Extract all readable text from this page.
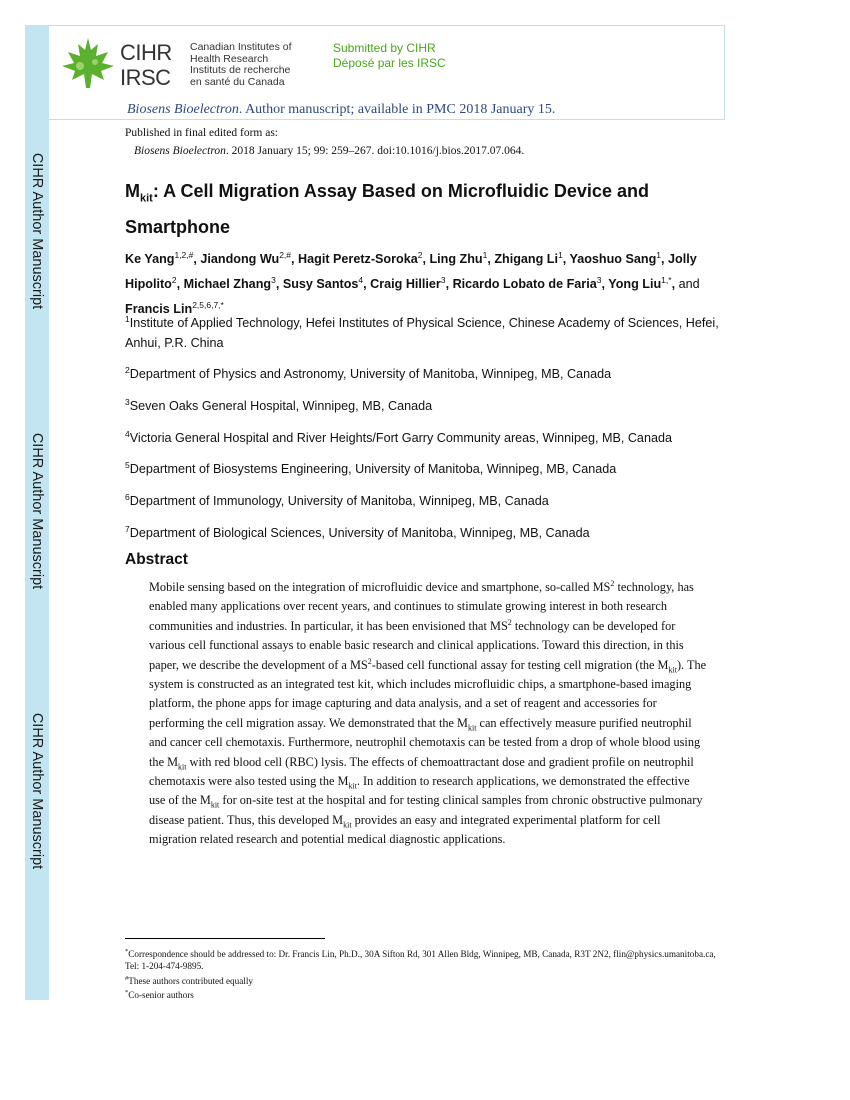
CIHR Author Manuscript
CIHR Author Manuscript
CIHR Author Manuscript
CIHR
IRSC
Canadian Institutes of
Health Research
Instituts de recherche
en santé du Canada
Submitted by CIHR
Déposé par les IRSC
Biosens Bioelectron. Author manuscript; available in PMC 2018 January 15.
Published in final edited form as:
Biosens Bioelectron. 2018 January 15; 99: 259–267. doi:10.1016/j.bios.2017.07.064.
$M_{kit}$: A Cell Migration Assay Based on Microfluidic Device and Smartphone
Ke Yang$^{1,2,\#}$, Jiandong $Wu^{2,\#}$, Hagit Peretz-Soroka$^2$, Ling Zhu$^1$, Zhigang Li$^1$, Yaoshuo Sang$^1$, Jolly Hipolito$^2$, Michael Zhang$^3$, Susy Santos$^4$, Craig Hillier$^3$, Ricardo Lobato de Faria$^3$, Yong Liu$^{1,*}$, and Francis Lin$^{2,5,6,7,*}$
$^1$Institute of Applied Technology, Hefei Institutes of Physical Science, Chinese Academy of Sciences, Hefei, Anhui, P.R. China
$^2$Department of Physics and Astronomy, University of Manitoba, Winnipeg, MB, Canada
$^3$Seven Oaks General Hospital, Winnipeg, MB, Canada
$^4$Victoria General Hospital and River Heights/Fort Garry Community areas, Winnipeg, MB, Canada
$^5$Department of Biosystems Engineering, University of Manitoba, Winnipeg, MB, Canada
$^6$Department of Immunology, University of Manitoba, Winnipeg, MB, Canada
$^7$Department of Biological Sciences, University of Manitoba, Winnipeg, MB, Canada
Abstract
Mobile sensing based on the integration of microfluidic device and smartphone, so-called $MS^2$ technology, has enabled many applications over recent years, and continues to stimulate growing interest in both research communities and industries. In particular, it has been envisioned that $MS^2$ technology can be developed for various cell functional assays to enable basic research and clinical applications. Toward this direction, in this paper, we describe the development of a $MS^2$-based cell functional assay for testing cell migration (the $M_{kit}$). The system is constructed as an integrated test kit, which includes microfluidic chips, a smartphone-based imaging platform, the phone apps for image capturing and data analysis, and a set of reagent and accessories for performing the cell migration assay. We demonstrated that the $M_{kit}$ can effectively measure purified neutrophil and cancer cell chemotaxis. Furthermore, neutrophil chemotaxis can be tested from a drop of whole blood using the $M_{kit}$ with red blood cell (RBC) lysis. The effects of chemoattractant dose and gradient profile on neutrophil chemotaxis were also tested using the $M_{kit}$. In addition to research applications, we demonstrated the effective use of the $M_{kit}$ for on-site test at the hospital and for testing clinical samples from chronic obstructive pulmonary disease patient. Thus, this developed $M_{kit}$ provides an easy and integrated experimental platform for cell migration related research and potential medical diagnostic applications.
*Correspondence should be addressed to: Dr. Francis Lin, Ph.D., 30A Sifton Rd, 301 Allen Bldg, Winnipeg, MB, Canada, R3T 2N2, flin@physics.umanitoba.ca, Tel: 1-204-474-9895.
#These authors contributed equally
*Co-senior authors
